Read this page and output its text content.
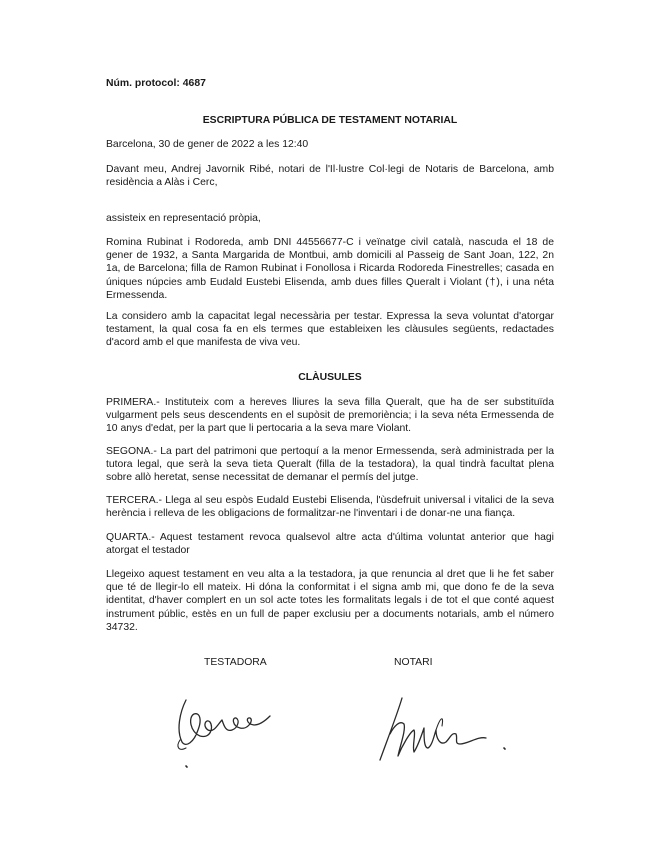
Núm. protocol: 4687

ESCRIPTURA PÚBLICA DE TESTAMENT NOTARIAL

Barcelona, 30 de gener de 2022 a les 12:40

Davant meu, Andrej Javornik Ribé, notari de l'Il·lustre Col·legi de Notaris de Barcelona, amb residència a Alàs i Cerc,

assisteix en representació pròpia,

Romina Rubinat i Rodoreda, amb DNI 44556677-C i veïnatge civil català, nascuda el 18 de gener de 1932, a Santa Margarida de Montbui, amb domicili al Passeig de Sant Joan, 122, 2n 1a, de Barcelona; filla de Ramon Rubinat i Fonollosa i Ricarda Rodoreda Finestrelles; casada en úniques núpcies amb Eudald Eustebi Elisenda, amb dues filles Queralt i Violant (†), i una néta Ermessenda.

La considero amb la capacitat legal necessària per testar. Expressa la seva voluntat d'atorgar testament, la qual cosa fa en els termes que estableixen les clàusules següents, redactades d'acord amb el que manifesta de viva veu.

CLÀUSULES

PRIMERA.- Instituteix com a hereves lliures la seva filla Queralt, que ha de ser substituïda vulgarment pels seus descendents en el supòsit de premoriència; i la seva néta Ermessenda de 10 anys d'edat, per la part que li pertocaria a la seva mare Violant.

SEGONA.- La part del patrimoni que pertoquí a la menor Ermessenda, serà administrada per la tutora legal, que serà la seva tieta Queralt (filla de la testadora), la qual tindrà facultat plena sobre allò heretat, sense necessitat de demanar el permís del jutge.

TERCERA.- Llega al seu espòs Eudald Eustebi Elisenda, l'ùsdefruit universal i vitalici de la seva herència i relleva de les obligacions de formalitzar-ne l'inventari i de donar-ne una fiança.

QUARTA.- Aquest testament revoca qualsevol altre acta d'última voluntat anterior que hagi atorgat el testador

Llegeixo aquest testament en veu alta a la testadora, ja que renuncia al dret que li he fet saber que té de llegir-lo ell mateix. Hi dóna la conformitat i el signa amb mi, que dono fe de la seva identitat, d'haver complert en un sol acte totes les formalitats legals i de tot el que conté aquest instrument públic, estès en un full de paper exclusiu per a documents notarials, amb el número 34732.

TESTADORA	NOTARI
